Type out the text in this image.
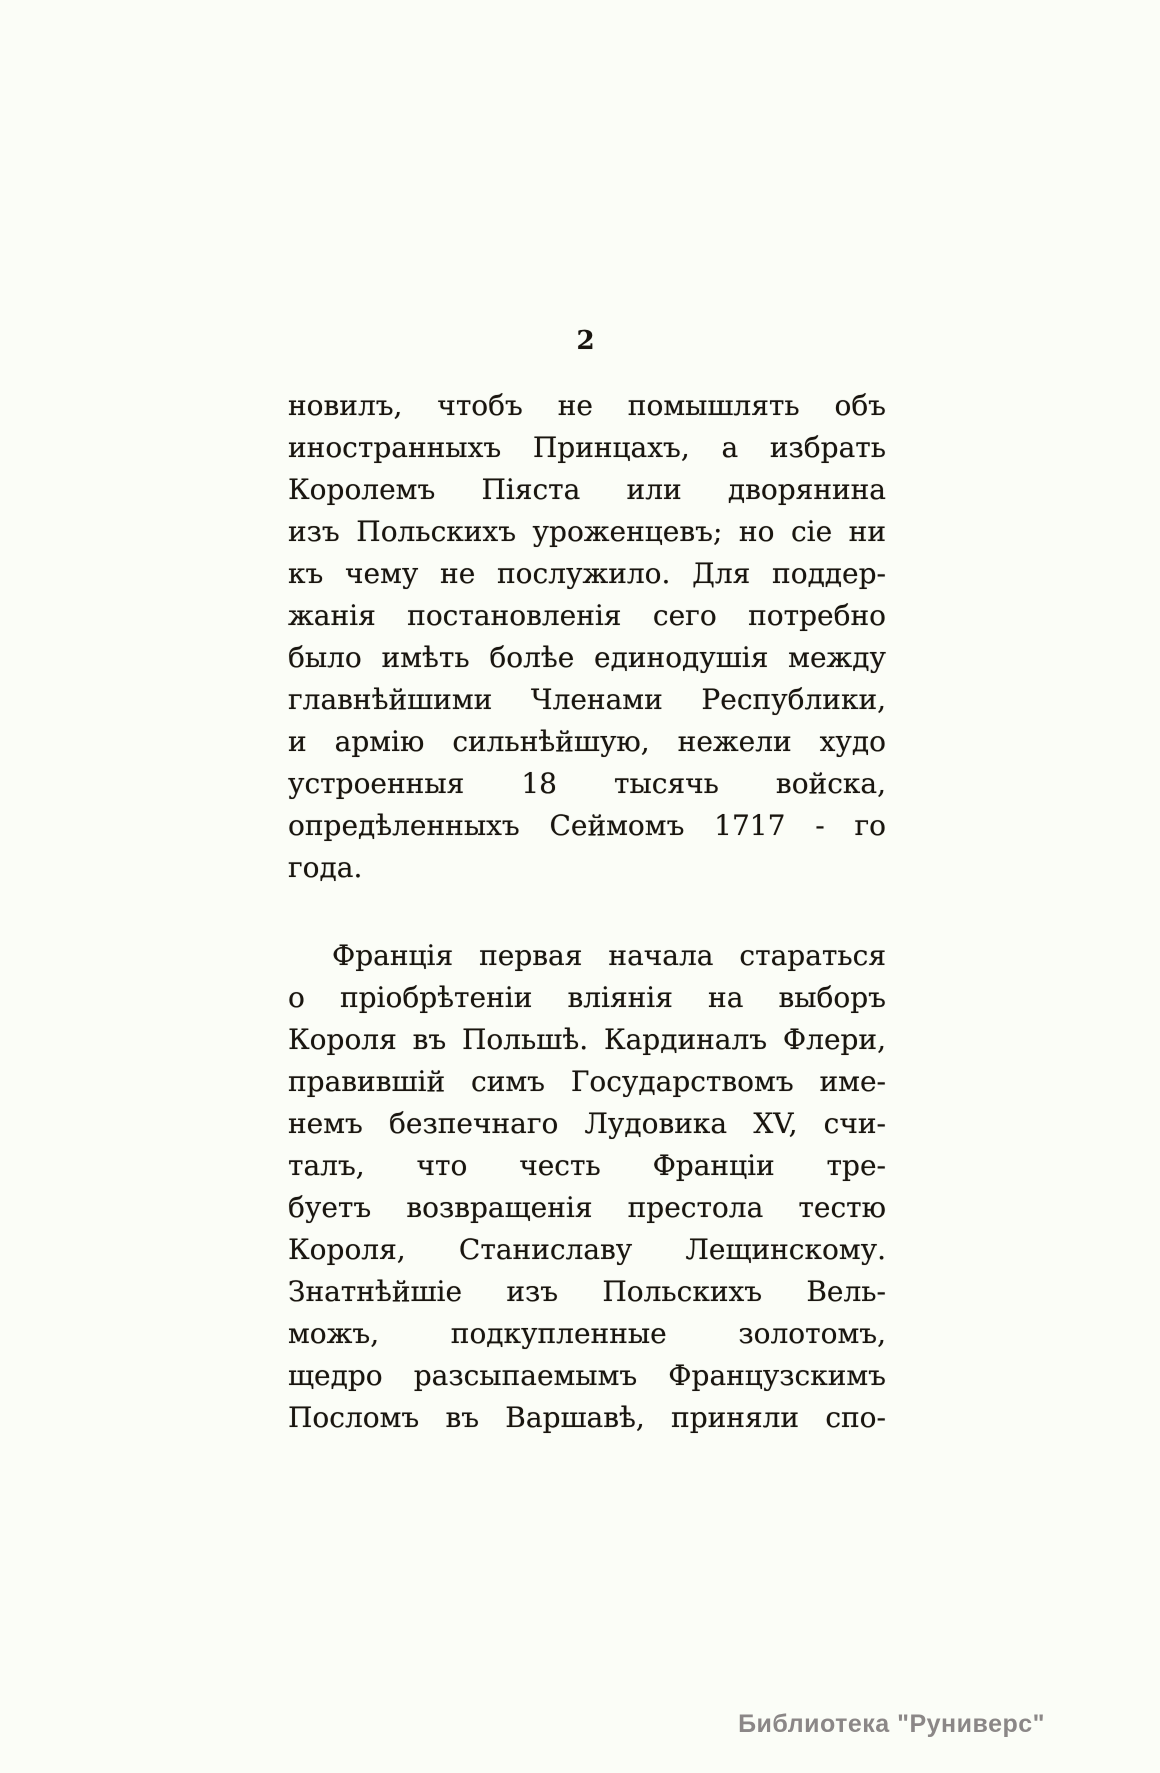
2
новилъ, чтобъ не помышлять объ
иностранныхъ Принцахъ, а избрать
Королемъ Піяста или дворянина
изъ Польскихъ уроженцевъ; но сіе ни
къ чему не послужило. Для поддер-
жанія постановленія сего потребно
было имѣть болѣе единодушія между
главнѣйшими Членами Республики,
и армію сильнѣйшую, нежели худо
устроенныя 18 тысячь войска,
опредѣленныхъ Сеймомъ 1717 - го
года.
Франція первая начала стараться
о пріобрѣтеніи вліянія на выборъ
Короля въ Польшѣ. Кардиналъ Флери,
правившій симъ Государствомъ име-
немъ безпечнаго Лудовика XV, счи-
талъ, что честь Франціи тре-
буетъ возвращенія престола тестю
Короля, Станиславу Лещинскому.
Знатнѣйшіе изъ Польскихъ Вель-
можъ, подкупленные золотомъ,
щедро разсыпаемымъ Французскимъ
Посломъ въ Варшавѣ, приняли спо-
Библиотека "Руниверс"
